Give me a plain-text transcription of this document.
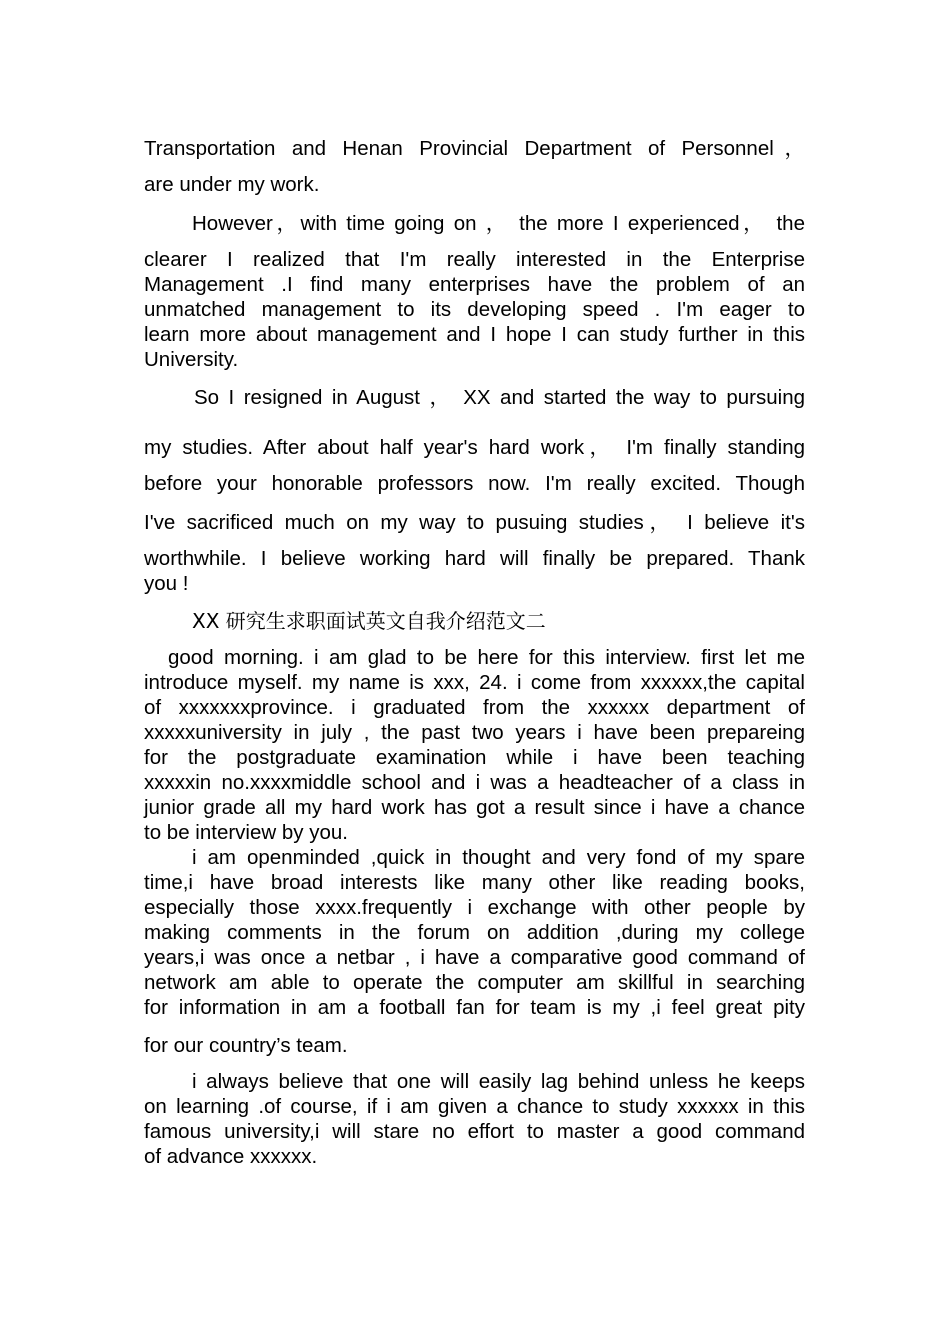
Transportation and Henan Provincial Department of Personnel，
are under my work.
However，with time going on ， the more I experienced， the
clearer I realized that I'm really interested in the Enterprise
Management .I find many enterprises have the problem of an
unmatched management to its developing speed . I'm eager to
learn more about management and I hope I can study further in this
University.
So I resigned in August ， XX and started the way to pursuing
my studies. After about half year's hard work， I'm finally standing
before your honorable professors now. I'm really excited. Though
I've sacrificed much on my way to pusuing studies， I believe it's
worthwhile. I believe working hard will finally be prepared. Thank
you !
XX 研究生求职面试英文自我介绍范文二
good morning. i am glad to be here for this interview. first let me
introduce myself. my name is xxx, 24. i come from xxxxxx,the capital
of xxxxxxxprovince. i graduated from the xxxxxx department of
xxxxxuniversity in july , the past two years i have been prepareing
for the postgraduate examination while i have been teaching
xxxxxin no.xxxxmiddle school and i was a headteacher of a class in
junior grade all my hard work has got a result since i have a chance
to be interview by you.
i am openminded ,quick in thought and very fond of my spare
time,i have broad interests like many other like reading books,
especially those xxxx.frequently i exchange with other people by
making comments in the forum on addition ,during my college
years,i was once a netbar , i have a comparative good command of
network am able to operate the computer am skillful in searching
for information in am a football fan for team is my ,i feel great pity
for our country’s team.
i always believe that one will easily lag behind unless he keeps
on learning .of course, if i am given a chance to study xxxxxx in this
famous university,i will stare no effort to master a good command
of advance xxxxxx.
